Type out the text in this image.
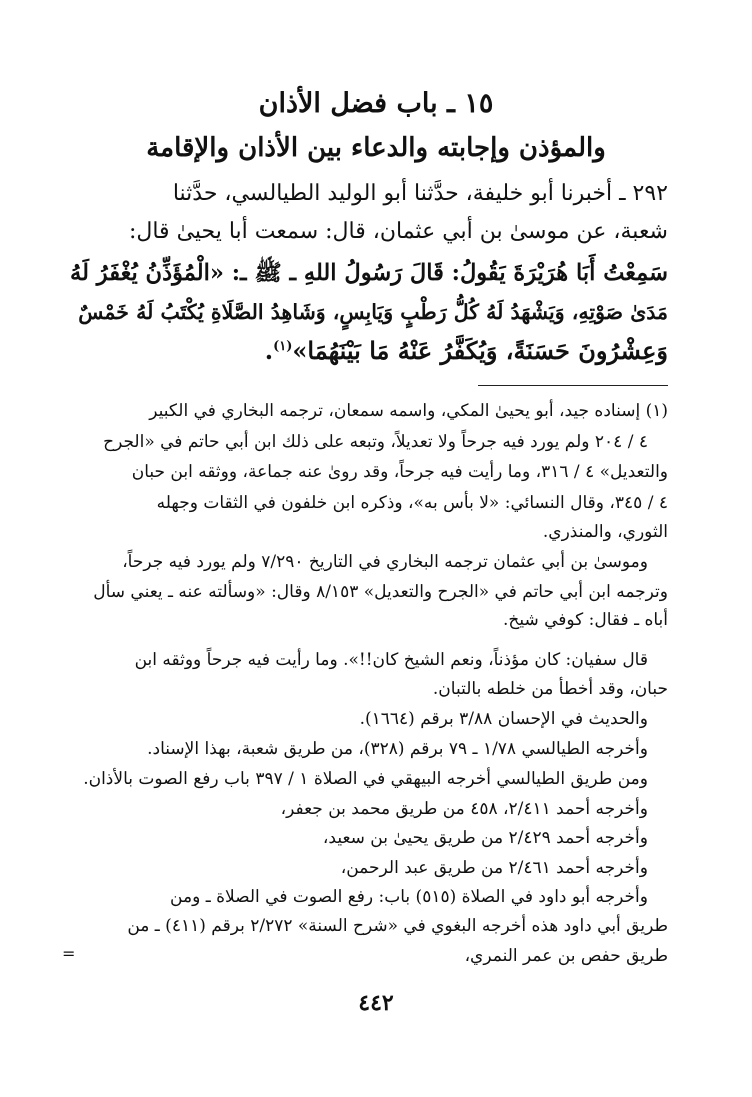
١٥ ـ باب فضل الأذان
والمؤذن وإجابته والدعاء بين الأذان والإقامة
٢٩٢ ـ أخبرنا أبو خليفة، حدَّثنا أبو الوليد الطيالسي، حدَّثنا
شعبة، عن موسىٰ بن أبي عثمان، قال: سمعت أبا يحيىٰ قال:
سَمِعْتُ أَبَا هُرَيْرَةَ يَقُولُ: قَالَ رَسُولُ اللهِ ـ ﷺ ـ: «الْمُؤَذِّنُ يُغْفَرُ لَهُ
مَدَىٰ صَوْتِهِ، وَيَشْهَدُ لَهُ كُلُّ رَطْبٍ وَيَابِسٍ، وَشَاهِدُ الصَّلَاةِ يُكْتَبُ لَهُ خَمْسٌ
وَعِشْرُونَ حَسَنَةً، وَيُكَفَّرُ عَنْهُ مَا بَيْنَهُمَا»$^{(١)}$.
(١) إسناده جيد، أبو يحيىٰ المكي، واسمه سمعان، ترجمه البخاري في الكبير
٤ / ٢٠٤ ولم يورد فيه جرحاً ولا تعديلاً، وتبعه على ذلك ابن أبي حاتم في «الجرح
والتعديل» ٤ / ٣١٦، وما رأيت فيه جرحاً، وقد روىٰ عنه جماعة، ووثقه ابن حبان
٤ / ٣٤٥، وقال النسائي: «لا بأس به»، وذكره ابن خلفون في الثقات وجهله
الثوري، والمنذري.
وموسىٰ بن أبي عثمان ترجمه البخاري في التاريخ ٧/٢٩٠ ولم يورد فيه جرحاً،
وترجمه ابن أبي حاتم في «الجرح والتعديل» ٨/١٥٣ وقال: «وسألته عنه ـ يعني سأل
أباه ـ فقال: كوفي شيخ.
قال سفيان: كان مؤذناً، ونعم الشيخ كان!!». وما رأيت فيه جرحاً ووثقه ابن
حبان، وقد أخطأ من خلطه بالتبان.
والحديث في الإحسان ٣/٨٨ برقم (١٦٦٤).
وأخرجه الطيالسي ١/٧٨ ـ ٧٩ برقم (٣٢٨)، من طريق شعبة، بهذا الإسناد.
ومن طريق الطيالسي أخرجه البيهقي في الصلاة ١ / ٣٩٧ باب رفع الصوت بالأذان.
وأخرجه أحمد ٢/٤١١، ٤٥٨ من طريق محمد بن جعفر،
وأخرجه أحمد ٢/٤٢٩ من طريق يحيىٰ بن سعيد،
وأخرجه أحمد ٢/٤٦١ من طريق عبد الرحمن،
وأخرجه أبو داود في الصلاة (٥١٥) باب: رفع الصوت في الصلاة ـ ومن
طريق أبي داود هذه أخرجه البغوي في «شرح السنة» ٢/٢٧٢ برقم (٤١١) ـ من
طريق حفص بن عمر النمري،
=
٤٤٢
